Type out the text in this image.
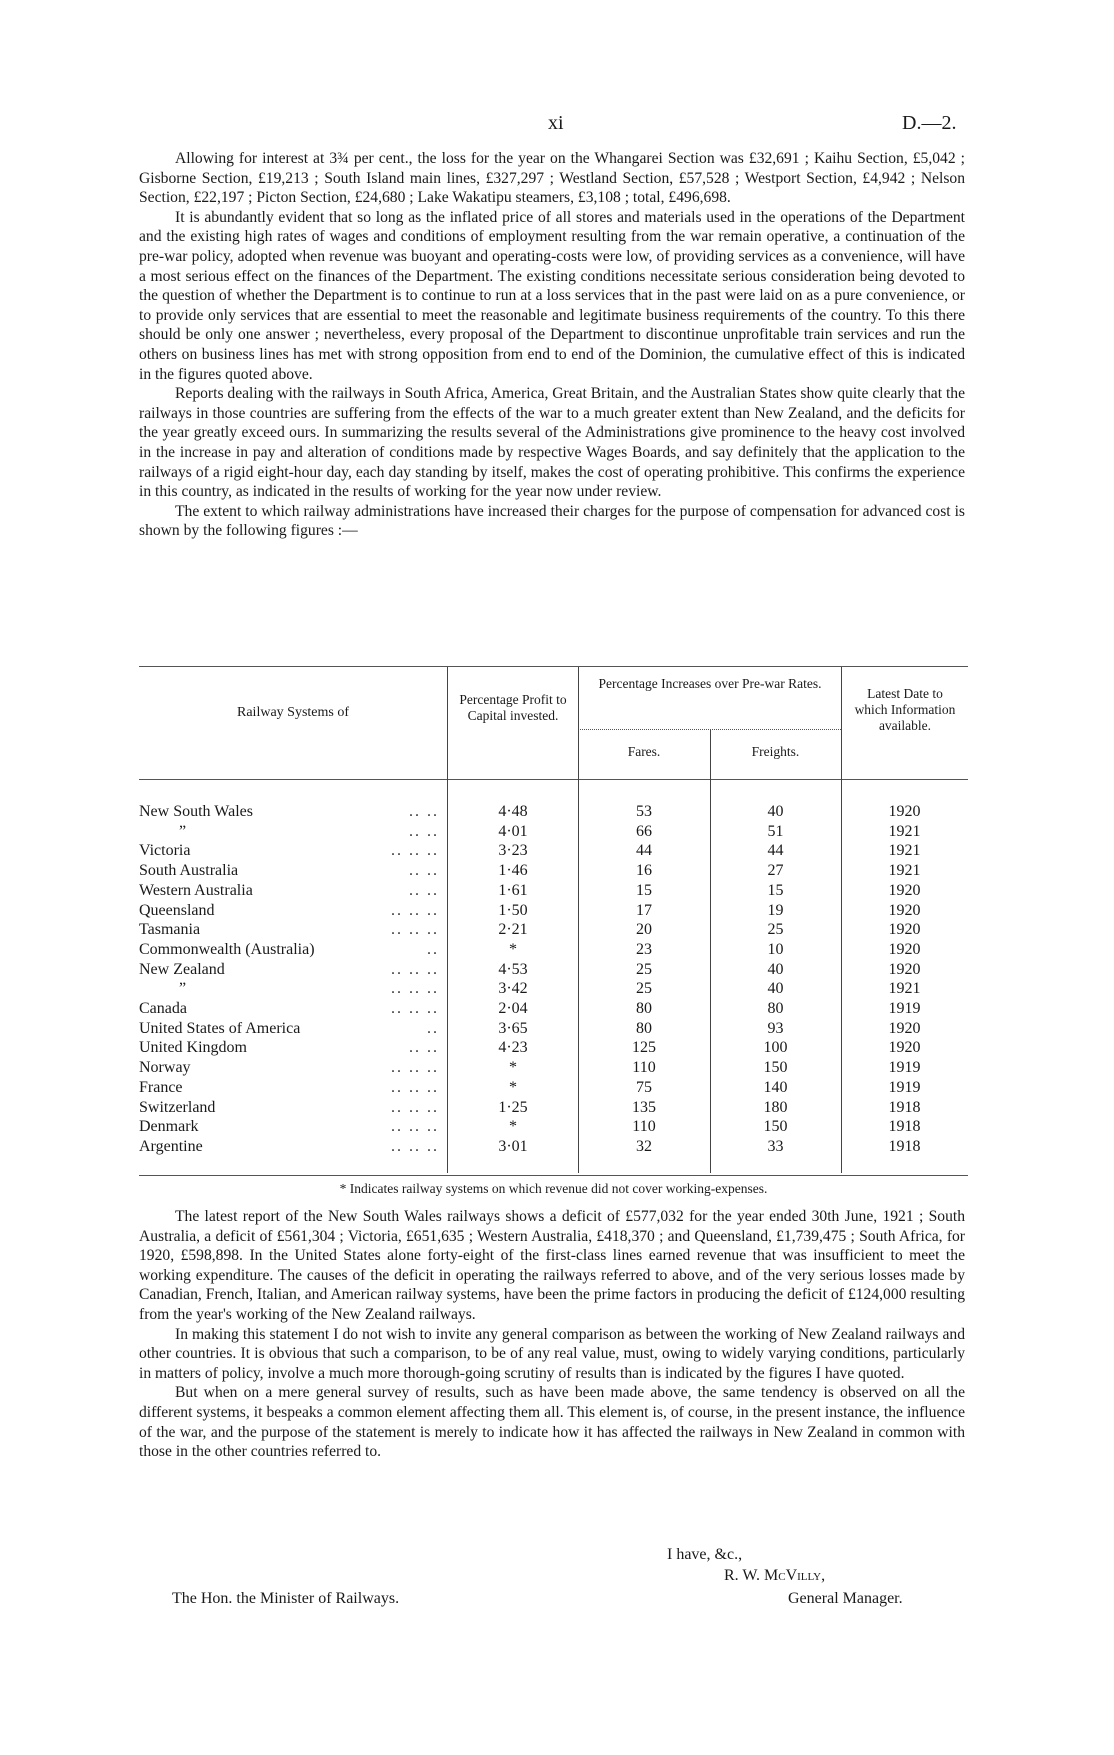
xi	D.—2.

Allowing for interest at 3¾ per cent., the loss for the year on the Whangarei Section was £32,691 ; Kaihu Section, £5,042 ; Gisborne Section, £19,213 ; South Island main lines, £327,297 ; Westland Section, £57,528 ; Westport Section, £4,942 ; Nelson Section, £22,197 ; Picton Section, £24,680 ; Lake Wakatipu steamers, £3,108 ; total, £496,698.

It is abundantly evident that so long as the inflated price of all stores and materials used in the operations of the Department and the existing high rates of wages and conditions of employment resulting from the war remain operative, a continuation of the pre-war policy, adopted when revenue was buoyant and operating-costs were low, of providing services as a convenience, will have a most serious effect on the finances of the Department. The existing conditions necessitate serious consideration being devoted to the question of whether the Department is to continue to run at a loss services that in the past were laid on as a pure convenience, or to provide only services that are essential to meet the reasonable and legitimate business requirements of the country. To this there should be only one answer ; nevertheless, every proposal of the Department to discontinue unprofitable train services and run the others on business lines has met with strong opposition from end to end of the Dominion, the cumulative effect of this is indicated in the figures quoted above.

Reports dealing with the railways in South Africa, America, Great Britain, and the Australian States show quite clearly that the railways in those countries are suffering from the effects of the war to a much greater extent than New Zealand, and the deficits for the year greatly exceed ours. In summarizing the results several of the Administrations give prominence to the heavy cost involved in the increase in pay and alteration of conditions made by respective Wages Boards, and say definitely that the application to the railways of a rigid eight-hour day, each day standing by itself, makes the cost of operating prohibitive. This confirms the experience in this country, as indicated in the results of working for the year now under review.

The extent to which railway administrations have increased their charges for the purpose of compensation for advanced cost is shown by the following figures :—

Railway Systems of
Percentage Profit to Capital invested.
Percentage Increases over Pre-war Rates.
Fares.	Freights.
Latest Date to which Information available.
New South Wales	.. ..	4·48	53	40	1920
”	.. ..	4·01	66	51	1921
Victoria	.. .. ..	3·23	44	44	1921
South Australia	.. ..	1·46	16	27	1921
Western Australia	.. ..	1·61	15	15	1920
Queensland	.. .. ..	1·50	17	19	1920
Tasmania	.. .. ..	2·21	20	25	1920
Commonwealth (Australia)	..	*	23	10	1920
New Zealand	.. .. ..	4·53	25	40	1920
”	.. .. ..	3·42	25	40	1921
Canada	.. .. ..	2·04	80	80	1919
United States of America	..	3·65	80	93	1920
United Kingdom	.. ..	4·23	125	100	1920
Norway	.. .. ..	*	110	150	1919
France	.. .. ..	*	75	140	1919
Switzerland	.. .. ..	1·25	135	180	1918
Denmark	.. .. ..	*	110	150	1918
Argentine	.. .. ..	3·01	32	33	1918
* Indicates railway systems on which revenue did not cover working-expenses.

The latest report of the New South Wales railways shows a deficit of £577,032 for the year ended 30th June, 1921 ; South Australia, a deficit of £561,304 ; Victoria, £651,635 ; Western Australia, £418,370 ; and Queensland, £1,739,475 ; South Africa, for 1920, £598,898. In the United States alone forty-eight of the first-class lines earned revenue that was insufficient to meet the working expenditure. The causes of the deficit in operating the railways referred to above, and of the very serious losses made by Canadian, French, Italian, and American railway systems, have been the prime factors in producing the deficit of £124,000 resulting from the year's working of the New Zealand railways.

In making this statement I do not wish to invite any general comparison as between the working of New Zealand railways and other countries. It is obvious that such a comparison, to be of any real value, must, owing to widely varying conditions, particularly in matters of policy, involve a much more thorough-going scrutiny of results than is indicated by the figures I have quoted.

But when on a mere general survey of results, such as have been made above, the same tendency is observed on all the different systems, it bespeaks a common element affecting them all. This element is, of course, in the present instance, the influence of the war, and the purpose of the statement is merely to indicate how it has affected the railways in New Zealand in common with those in the other countries referred to.

I have, &c.,
R. W. McVilly,
General Manager.
The Hon. the Minister of Railways.
